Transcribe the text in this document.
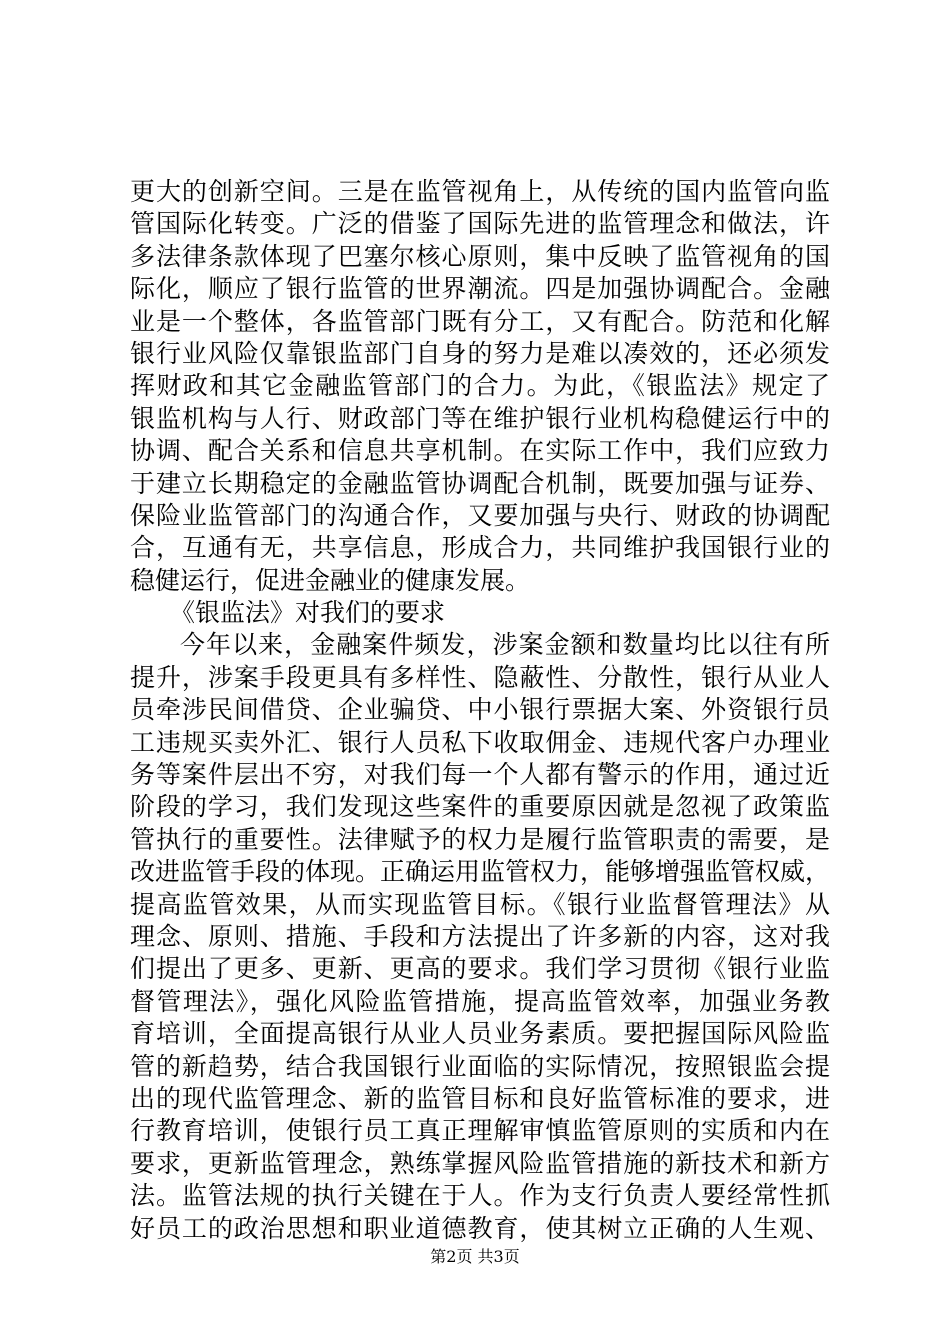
更大的创新空间。三是在监管视角上，从传统的国内监管向监
管国际化转变。广泛的借鉴了国际先进的监管理念和做法，许
多法律条款体现了巴塞尔核心原则，集中反映了监管视角的国
际化，顺应了银行监管的世界潮流。四是加强协调配合。金融
业是一个整体，各监管部门既有分工，又有配合。防范和化解
银行业风险仅靠银监部门自身的努力是难以凑效的，还必须发
挥财政和其它金融监管部门的合力。为此，《银监法》规定了
银监机构与人行、财政部门等在维护银行业机构稳健运行中的
协调、配合关系和信息共享机制。在实际工作中，我们应致力
于建立长期稳定的金融监管协调配合机制，既要加强与证券、
保险业监管部门的沟通合作，又要加强与央行、财政的协调配
合，互通有无，共享信息，形成合力，共同维护我国银行业的
稳健运行，促进金融业的健康发展。
《银监法》对我们的要求
今年以来，金融案件频发，涉案金额和数量均比以往有所
提升，涉案手段更具有多样性、隐蔽性、分散性，银行从业人
员牵涉民间借贷、企业骗贷、中小银行票据大案、外资银行员
工违规买卖外汇、银行人员私下收取佣金、违规代客户办理业
务等案件层出不穷，对我们每一个人都有警示的作用，通过近
阶段的学习，我们发现这些案件的重要原因就是忽视了政策监
管执行的重要性。法律赋予的权力是履行监管职责的需要，是
改进监管手段的体现。正确运用监管权力，能够增强监管权威，
提高监管效果，从而实现监管目标。《银行业监督管理法》从
理念、原则、措施、手段和方法提出了许多新的内容，这对我
们提出了更多、更新、更高的要求。我们学习贯彻《银行业监
督管理法》，强化风险监管措施，提高监管效率，加强业务教
育培训，全面提高银行从业人员业务素质。要把握国际风险监
管的新趋势，结合我国银行业面临的实际情况，按照银监会提
出的现代监管理念、新的监管目标和良好监管标准的要求，进
行教育培训，使银行员工真正理解审慎监管原则的实质和内在
要求，更新监管理念，熟练掌握风险监管措施的新技术和新方
法。监管法规的执行关键在于人。作为支行负责人要经常性抓
好员工的政治思想和职业道德教育，使其树立正确的人生观、
第2页 共3页
